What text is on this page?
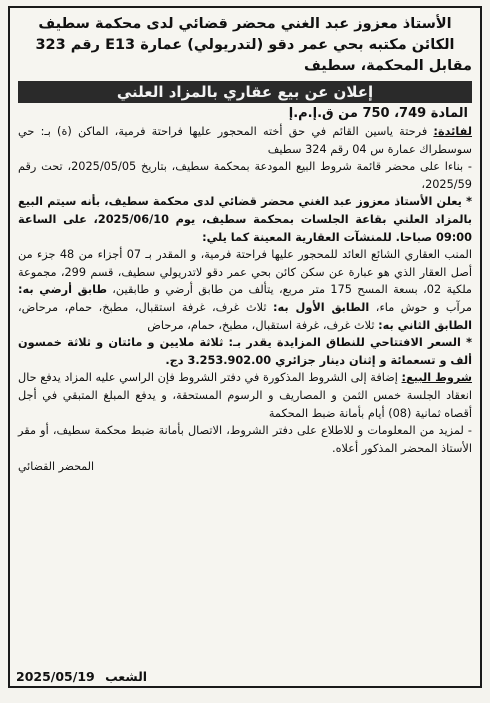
الأستاذ معزوز عبد الغني محضر قضائي لدى محكمة سطيف
الكائن مكتبه بحي عمر دقو (لتدريولي) عمارة E13 رقم 323
مقابل المحكمة، سطيف
إعلان عن بيع عقاري بالمزاد العلني
المادة 749، 750 من ق.إ.م.إ

لفائدة: فرحتة ياسين القائم في حق أخته المحجور عليها فراحتة فرمية، الماكن (ة) بـ: حي سوسطراك عمارة س 04 رقم 324 سطيف

- بناءا على محضر قائمة شروط البيع المودعة بمحكمة سطيف، بتاريخ 2025/05/05، تحت رقم 2025/59،

* يعلن الأستاذ معزوز عبد الغني محضر قضائي لدى محكمة سطيف، بأنه سيتم البيع بالمزاد العلني بقاعة الجلسات بمحكمة سطيف، يوم 2025/06/10، على الساعة 09:00 صباحا. للمنشآت العقارية المعينة كما يلي:

المنب العقاري الشائع العائد للمحجور عليها فراحتة فرمية، و المقدر بـ 07 أجزاء من 48 جزء من أصل العقار الذي هو عبارة عن سكن كائن بحي عمر دقو لاتدريولي سطيف، قسم 299، مجموعة ملكية 02، بسعة المسح 175 متر مربع، يتألف من طابق أرضي و طابقين، طابق أرضي به: مرآب و حوش ماء، الطابق الأول به: ثلاث غرف، غرفة استقبال، مطبخ، حمام، مرحاض، الطابق الثاني به: ثلاث غرف، غرفة استقبال، مطبخ، حمام، مرحاض

* السعر الافتتاحي للنطاق المزايدة يقدر بـ: ثلاثة ملايين و مائتان و ثلاثة خمسون ألف و تسعمائة و إثنان دينار جزائري 3.253.902.00 دج.

شروط البيع: إضافة إلى الشروط المذكورة في دفتر الشروط فإن الراسي عليه المزاد يدفع حال انعقاد الجلسة خمس الثمن و المصاريف و الرسوم المستحقة، و يدفع المبلغ المتبقي في أجل أقصاه ثمانية (08) أيام بأمانة ضبط المحكمة

- لمزيد من المعلومات و للاطلاع على دفتر الشروط، الاتصال بأمانة ضبط محكمة سطيف، أو مقر الأستاذ المحضر المذكور أعلاه.

المحضر القضائي
2025/05/19 الشعب
